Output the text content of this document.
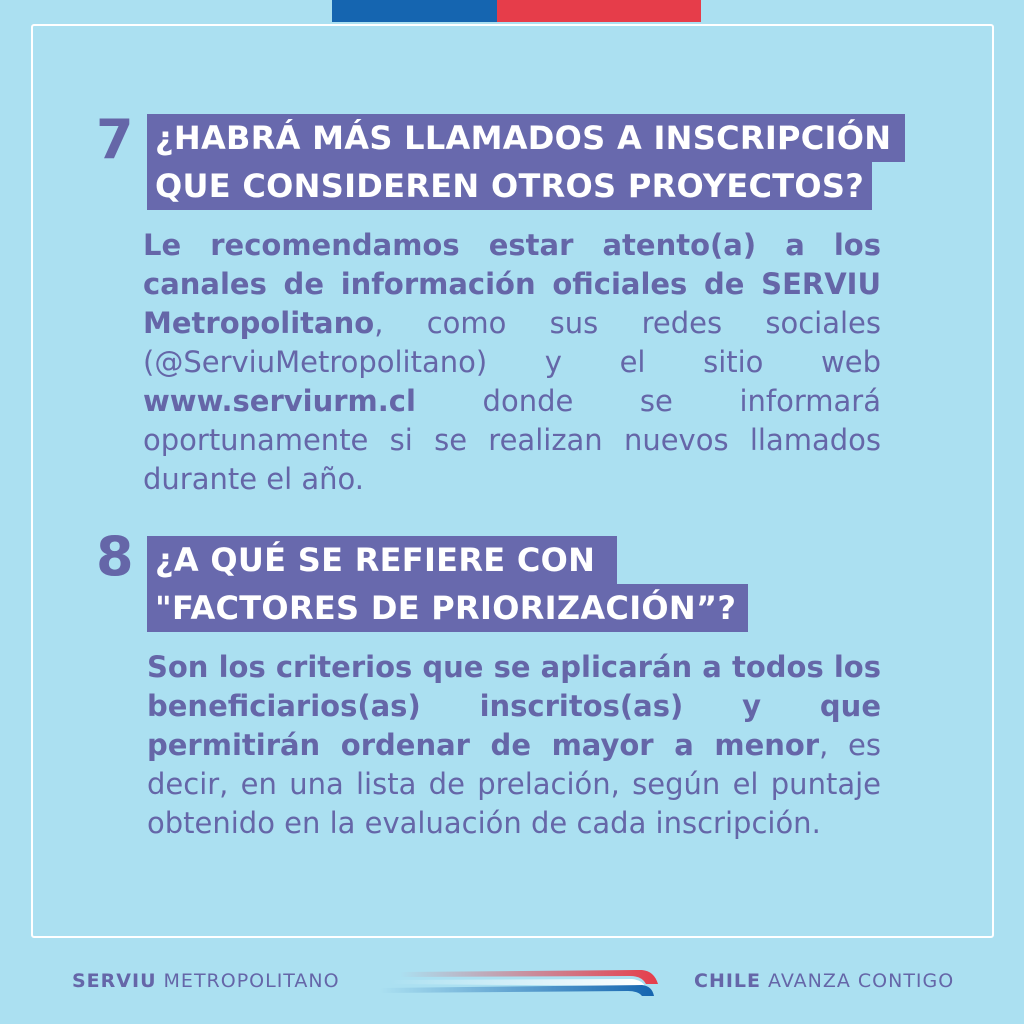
7 ¿HABRÁ MÁS LLAMADOS A INSCRIPCIÓN
QUE CONSIDEREN OTROS PROYECTOS?

Le recomendamos estar atento(a) a los canales de información oficiales de SERVIU Metropolitano, como sus redes sociales (@ServiuMetropolitano) y el sitio web www.serviurm.cl donde se informará oportunamente si se realizan nuevos llamados durante el año.

8 ¿A QUÉ SE REFIERE CON
"FACTORES DE PRIORIZACIÓN”?

Son los criterios que se aplicarán a todos los beneficiarios(as) inscritos(as) y que permitirán ordenar de mayor a menor, es decir, en una lista de prelación, según el puntaje obtenido en la evaluación de cada inscripción.

SERVIU METROPOLITANO	CHILE AVANZA CONTIGO
